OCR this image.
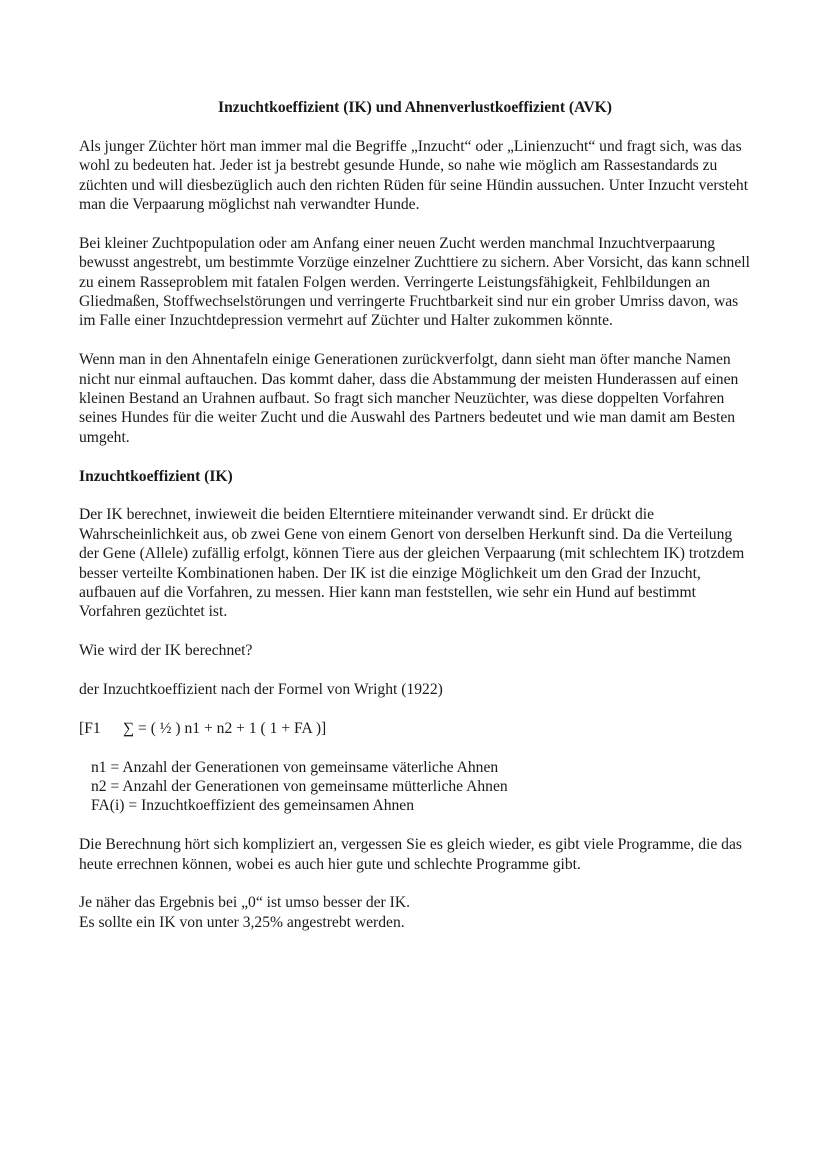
Inzuchtkoeffizient (IK) und Ahnenverlustkoeffizient (AVK)

Als junger Züchter hört man immer mal die Begriffe „Inzucht“ oder „Linienzucht“ und fragt sich, was das wohl zu bedeuten hat. Jeder ist ja bestrebt gesunde Hunde, so nahe wie möglich am Rassestandards zu züchten und will diesbezüglich auch den richten Rüden für seine Hündin aussuchen. Unter Inzucht versteht man die Verpaarung möglichst nah verwandter Hunde.

Bei kleiner Zuchtpopulation oder am Anfang einer neuen Zucht werden manchmal Inzuchtverpaarung bewusst angestrebt, um bestimmte Vorzüge einzelner Zuchttiere zu sichern. Aber Vorsicht, das kann schnell zu einem Rasseproblem mit fatalen Folgen werden. Verringerte Leistungsfähigkeit, Fehlbildungen an Gliedmaßen, Stoffwechselstörungen und verringerte Fruchtbarkeit sind nur ein grober Umriss davon, was im Falle einer Inzuchtdepression vermehrt auf Züchter und Halter zukommen könnte.

Wenn man in den Ahnentafeln einige Generationen zurückverfolgt, dann sieht man öfter manche Namen nicht nur einmal auftauchen. Das kommt daher, dass die Abstammung der meisten Hunderassen auf einen kleinen Bestand an Urahnen aufbaut. So fragt sich mancher Neuzüchter, was diese doppelten Vorfahren seines Hundes für die weiter Zucht und die Auswahl des Partners bedeutet und wie man damit am Besten umgeht.

Inzuchtkoeffizient (IK)

Der IK berechnet, inwieweit die beiden Elterntiere miteinander verwandt sind. Er drückt die Wahrscheinlichkeit aus, ob zwei Gene von einem Genort von derselben Herkunft sind. Da die Verteilung der Gene (Allele) zufällig erfolgt, können Tiere aus der gleichen Verpaarung (mit schlechtem IK) trotzdem besser verteilte Kombinationen haben. Der IK ist die einzige Möglichkeit um den Grad der Inzucht, aufbauen auf die Vorfahren, zu messen. Hier kann man feststellen, wie sehr ein Hund auf bestimmt Vorfahren gezüchtet ist.

Wie wird der IK berechnet?

der Inzuchtkoeffizient nach der Formel von Wright (1922)

[F1 ∑ = ( ½ ) n1 + n2 + 1 ( 1 + FA )]
n1 = Anzahl der Generationen von gemeinsame väterliche Ahnen
n2 = Anzahl der Generationen von gemeinsame mütterliche Ahnen
FA(i) = Inzuchtkoeffizient des gemeinsamen Ahnen

Die Berechnung hört sich kompliziert an, vergessen Sie es gleich wieder, es gibt viele Programme, die das heute errechnen können, wobei es auch hier gute und schlechte Programme gibt.

Je näher das Ergebnis bei „0“ ist umso besser der IK.
Es sollte ein IK von unter 3,25% angestrebt werden.
